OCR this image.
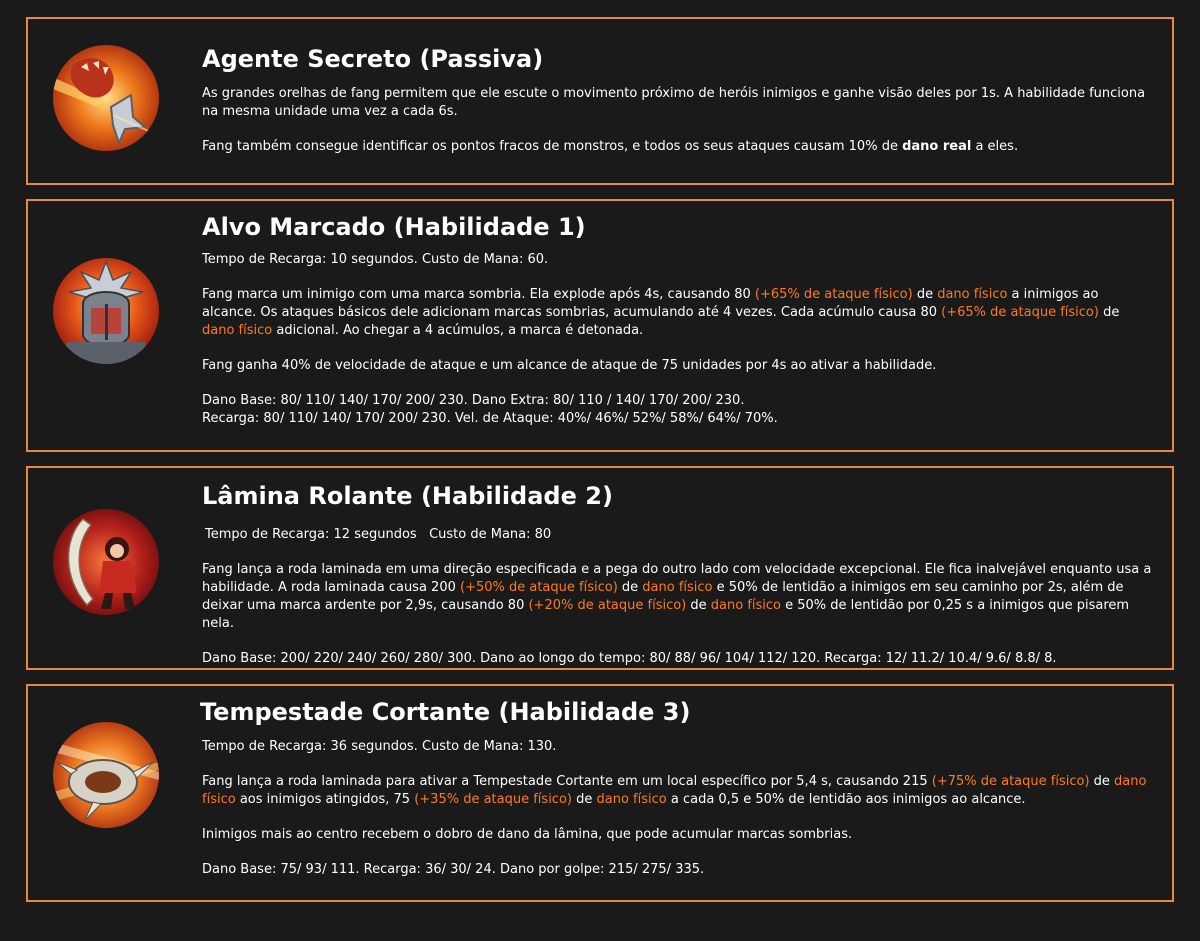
Agente Secreto (Passiva)

As grandes orelhas de fang permitem que ele escute o movimento próximo de heróis inimigos e ganhe visão deles por 1s. A habilidade funciona na mesma unidade uma vez a cada 6s.

Fang também consegue identificar os pontos fracos de monstros, e todos os seus ataques causam 10% de dano real a eles.

Alvo Marcado (Habilidade 1)

Tempo de Recarga: 10 segundos. Custo de Mana: 60.

Fang marca um inimigo com uma marca sombria. Ela explode após 4s, causando 80 (+65% de ataque físico) de dano físico a inimigos ao alcance. Os ataques básicos dele adicionam marcas sombrias, acumulando até 4 vezes. Cada acúmulo causa 80 (+65% de ataque físico) de dano físico adicional. Ao chegar a 4 acúmulos, a marca é detonada.

Fang ganha 40% de velocidade de ataque e um alcance de ataque de 75 unidades por 4s ao ativar a habilidade.

Dano Base: 80/ 110/ 140/ 170/ 200/ 230. Dano Extra: 80/ 110 / 140/ 170/ 200/ 230.
Recarga: 80/ 110/ 140/ 170/ 200/ 230. Vel. de Ataque: 40%/ 46%/ 52%/ 58%/ 64%/ 70%.

Lâmina Rolante (Habilidade 2)

Tempo de Recarga: 12 segundos   Custo de Mana: 80

Fang lança a roda laminada em uma direção especificada e a pega do outro lado com velocidade excepcional. Ele fica inalvejável enquanto usa a habilidade. A roda laminada causa 200 (+50% de ataque físico) de dano físico e 50% de lentidão a inimigos em seu caminho por 2s, além de deixar uma marca ardente por 2,9s, causando 80 (+20% de ataque físico) de dano físico e 50% de lentidão por 0,25 s a inimigos que pisarem nela.

Dano Base: 200/ 220/ 240/ 260/ 280/ 300. Dano ao longo do tempo: 80/ 88/ 96/ 104/ 112/ 120. Recarga: 12/ 11.2/ 10.4/ 9.6/ 8.8/ 8.

Tempestade Cortante (Habilidade 3)

Tempo de Recarga: 36 segundos. Custo de Mana: 130.

Fang lança a roda laminada para ativar a Tempestade Cortante em um local específico por 5,4 s, causando 215 (+75% de ataque físico) de dano físico aos inimigos atingidos, 75 (+35% de ataque físico) de dano físico a cada 0,5 e 50% de lentidão aos inimigos ao alcance.

Inimigos mais ao centro recebem o dobro de dano da lâmina, que pode acumular marcas sombrias.

Dano Base: 75/ 93/ 111. Recarga: 36/ 30/ 24. Dano por golpe: 215/ 275/ 335.
